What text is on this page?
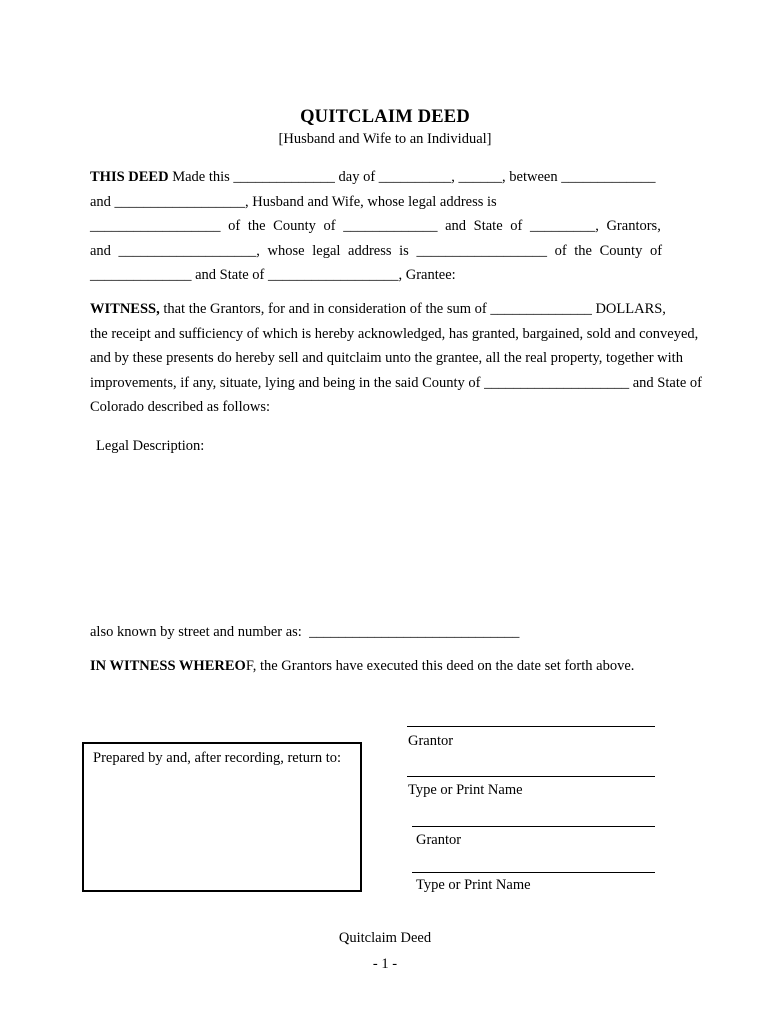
QUITCLAIM DEED
[Husband and Wife to an Individual]
THIS DEED Made this ______________ day of __________, ______, between _____________
and __________________, Husband and Wife, whose legal address is
__________________ of the County of _____________ and State of _________, Grantors,
and ___________________, whose legal address is __________________ of the County of
______________ and State of __________________, Grantee:
WITNESS, that the Grantors, for and in consideration of the sum of ______________ DOLLARS,
the receipt and sufficiency of which is hereby acknowledged, has granted, bargained, sold and conveyed,
and by these presents do hereby sell and quitclaim unto the grantee, all the real property, together with
improvements, if any, situate, lying and being in the said County of ____________________ and State of
Colorado described as follows:
Legal Description:
also known by street and number as:  _____________________________
IN WITNESS WHEREOF, the Grantors have executed this deed on the date set forth above.
Grantor
Type or Print Name
Grantor
Type or Print Name
Prepared by and, after recording, return to:
Quitclaim Deed
- 1 -
